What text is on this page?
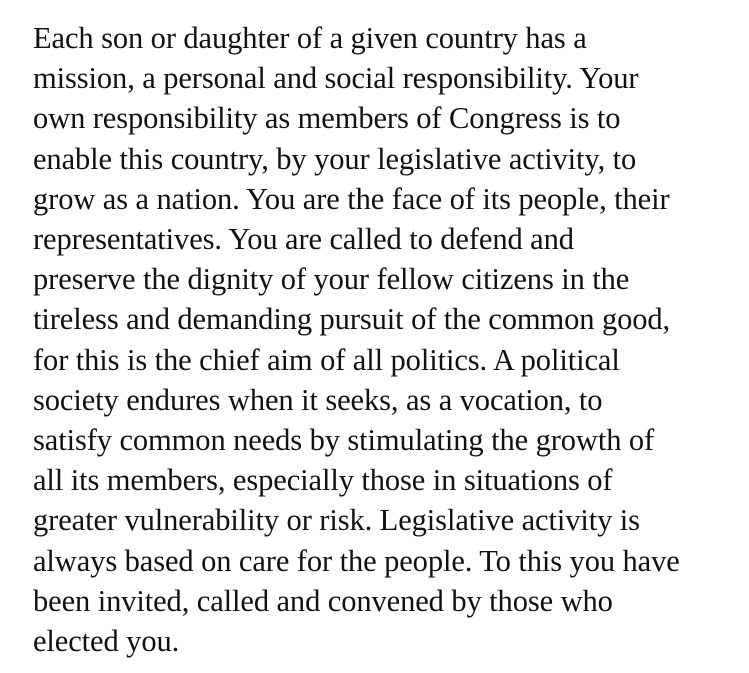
Each son or daughter of a given country has a
mission, a personal and social responsibility. Your
own responsibility as members of Congress is to
enable this country, by your legislative activity, to
grow as a nation. You are the face of its people, their
representatives. You are called to defend and
preserve the dignity of your fellow citizens in the
tireless and demanding pursuit of the common good,
for this is the chief aim of all politics. A political
society endures when it seeks, as a vocation, to
satisfy common needs by stimulating the growth of
all its members, especially those in situations of
greater vulnerability or risk. Legislative activity is
always based on care for the people. To this you have
been invited, called and convened by those who
elected you.
